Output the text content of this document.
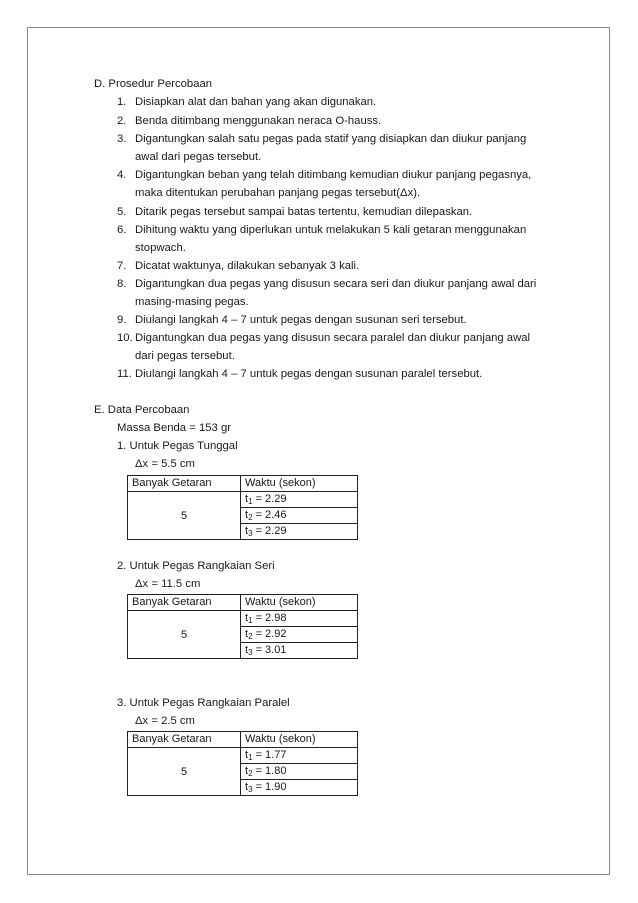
D. Prosedur Percobaan
1. Disiapkan alat dan bahan yang akan digunakan.
2. Benda ditimbang menggunakan neraca O-hauss.
3. Digantungkan salah satu pegas pada statif yang disiapkan dan diukur panjang
awal dari pegas tersebut.
4. Digantungkan beban yang telah ditimbang kemudian diukur panjang pegasnya,
maka ditentukan perubahan panjang pegas tersebut(Δx).
5. Ditarik pegas tersebut sampai batas tertentu, kemudian dilepaskan.
6. Dihitung waktu yang diperlukan untuk melakukan 5 kali getaran menggunakan
stopwach.
7. Dicatat waktunya, dilakukan sebanyak 3 kali.
8. Digantungkan dua pegas yang disusun secara seri dan diukur panjang awal dari
masing-masing pegas.
9. Diulangi langkah 4 – 7 untuk pegas dengan susunan seri tersebut.
10. Digantungkan dua pegas yang disusun secara paralel dan diukur panjang awal
dari pegas tersebut.
11. Diulangi langkah 4 – 7 untuk pegas dengan susunan paralel tersebut.
E. Data Percobaan
Massa Benda = 153 gr
1. Untuk Pegas Tunggal
Δx = 5.5 cm
Banyak Getaran	Waktu (sekon)
5	$t_1 = 2.29$
	$t_2 = 2.46$
	$t_3 = 2.29$
2. Untuk Pegas Rangkaian Seri
Δx = 11.5 cm
Banyak Getaran	Waktu (sekon)
5	$t_1 = 2.98$
	$t_2 = 2.92$
	$t_3 = 3.01$
3. Untuk Pegas Rangkaian Paralel
Δx = 2.5 cm
Banyak Getaran	Waktu (sekon)
5	$t_1 = 1.77$
	$t_2 = 1.80$
	$t_3 = 1.90$
